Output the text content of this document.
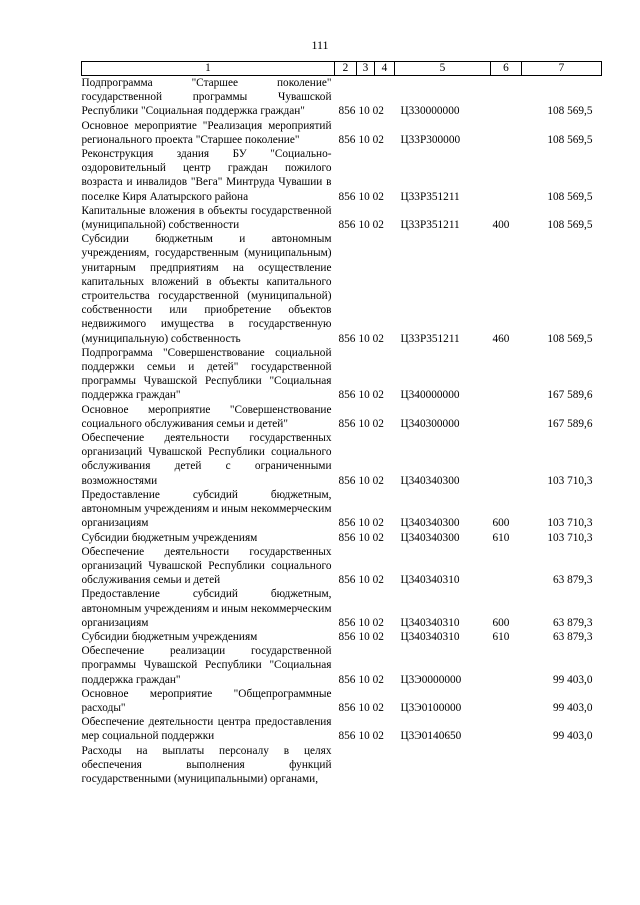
111
1	2	3	4	5	6	7
Подпрограмма "Старшее поколение" государственной программы Чувашской Республики "Социальная поддержка граждан"	856	10 02		Ц330000000		108 569,5
Основное мероприятие "Реализация мероприятий регионального проекта "Старшее поколение"	856	10 02		Ц33Р300000		108 569,5
Реконструкция здания БУ "Социально-оздоровительный центр граждан пожилого возраста и инвалидов "Вега" Минтруда Чувашии в поселке Киря Алатырского района	856	10 02		Ц33Р351211		108 569,5
Капитальные вложения в объекты государственной (муниципальной) собственности	856	10 02		Ц33Р351211	400	108 569,5
Субсидии бюджетным и автономным учреждениям, государственным (муниципальным) унитарным предприятиям на осуществление капитальных вложений в объекты капитального строительства государственной (муниципальной) собственности или приобретение объектов недвижимого имущества в государственную (муниципальную) собственность	856	10 02		Ц33Р351211	460	108 569,5
Подпрограмма "Совершенствование социальной поддержки семьи и детей" государственной программы Чувашской Республики "Социальная поддержка граждан"	856	10 02		Ц340000000		167 589,6
Основное мероприятие "Совершенствование социального обслуживания семьи и детей"	856	10 02		Ц340300000		167 589,6
Обеспечение деятельности государственных организаций Чувашской Республики социального обслуживания детей с ограниченными возможностями	856	10 02		Ц340340300		103 710,3
Предоставление субсидий бюджетным, автономным учреждениям и иным некоммерческим организациям	856	10 02		Ц340340300	600	103 710,3
Субсидии бюджетным учреждениям	856	10 02		Ц340340300	610	103 710,3
Обеспечение деятельности государственных организаций Чувашской Республики социального обслуживания семьи и детей	856	10 02		Ц340340310		63 879,3
Предоставление субсидий бюджетным, автономным учреждениям и иным некоммерческим организациям	856	10 02		Ц340340310	600	63 879,3
Субсидии бюджетным учреждениям	856	10 02		Ц340340310	610	63 879,3
Обеспечение реализации государственной программы Чувашской Республики "Социальная поддержка граждан"	856	10 02		Ц3Э0000000		99 403,0
Основное мероприятие "Общепрограммные расходы"	856	10 02		Ц3Э0100000		99 403,0
Обеспечение деятельности центра предоставления мер социальной поддержки	856	10 02		Ц3Э0140650		99 403,0
Расходы на выплаты персоналу в целях обеспечения выполнения функций государственными (муниципальными) органами,						
